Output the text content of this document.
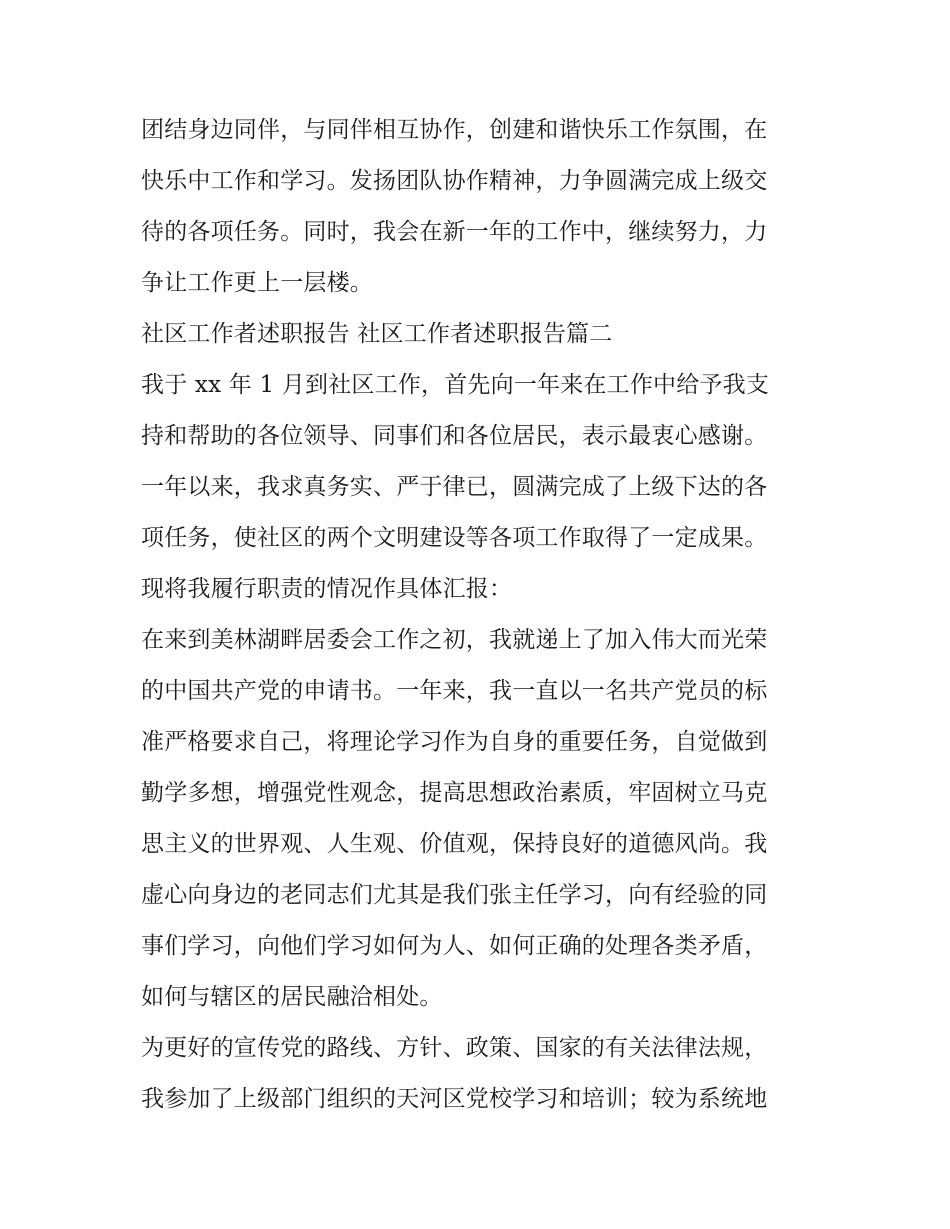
团结身边同伴，与同伴相互协作，创建和谐快乐工作氛围，在
快乐中工作和学习。发扬团队协作精神，力争圆满完成上级交
待的各项任务。同时，我会在新一年的工作中，继续努力，力
争让工作更上一层楼。
社区工作者述职报告 社区工作者述职报告篇二
我于 xx 年 1 月到社区工作，首先向一年来在工作中给予我支
持和帮助的各位领导、同事们和各位居民，表示最衷心感谢。
一年以来，我求真务实、严于律已，圆满完成了上级下达的各
项任务，使社区的两个文明建设等各项工作取得了一定成果。
现将我履行职责的情况作具体汇报：
在来到美林湖畔居委会工作之初，我就递上了加入伟大而光荣
的中国共产党的申请书。一年来，我一直以一名共产党员的标
准严格要求自己，将理论学习作为自身的重要任务，自觉做到
勤学多想，增强党性观念，提高思想政治素质，牢固树立马克
思主义的世界观、人生观、价值观，保持良好的道德风尚。我
虚心向身边的老同志们尤其是我们张主任学习，向有经验的同
事们学习，向他们学习如何为人、如何正确的处理各类矛盾，
如何与辖区的居民融洽相处。
为更好的宣传党的路线、方针、政策、国家的有关法律法规，
我参加了上级部门组织的天河区党校学习和培训；较为系统地
